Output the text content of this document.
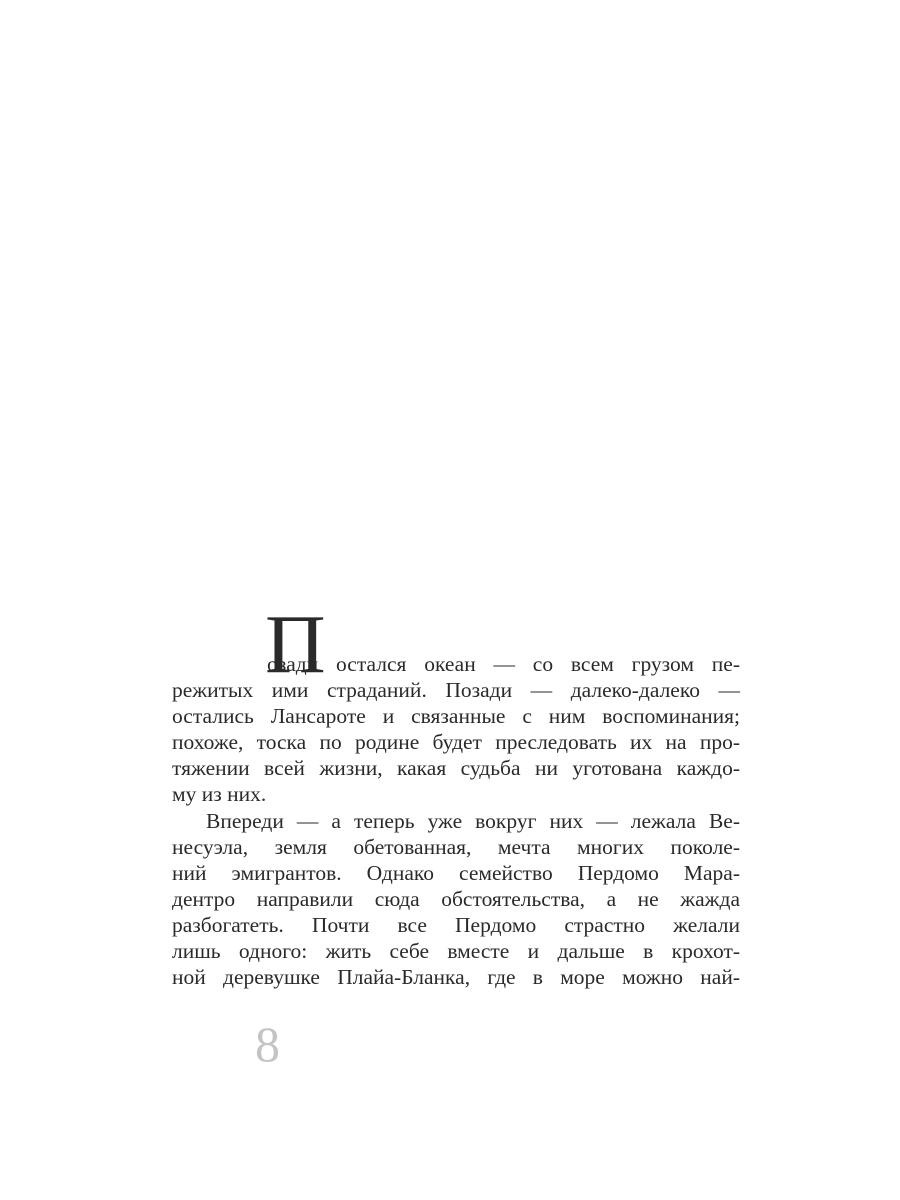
П
озади остался океан — со всем грузом пе-
режитых ими страданий. Позади — далеко-далеко —
остались Лансароте и связанные с ним воспоминания;
похоже, тоска по родине будет преследовать их на про-
тяжении всей жизни, какая судьба ни уготована каждо-
му из них.
Впереди — а теперь уже вокруг них — лежала Ве-
несуэла, земля обетованная, мечта многих поколе-
ний эмигрантов. Однако семейство Пердомо Мара-
дентро направили сюда обстоятельства, а не жажда
разбогатеть. Почти все Пердомо страстно желали
лишь одного: жить себе вместе и дальше в крохот-
ной деревушке Плайа-Бланка, где в море можно най-
8
